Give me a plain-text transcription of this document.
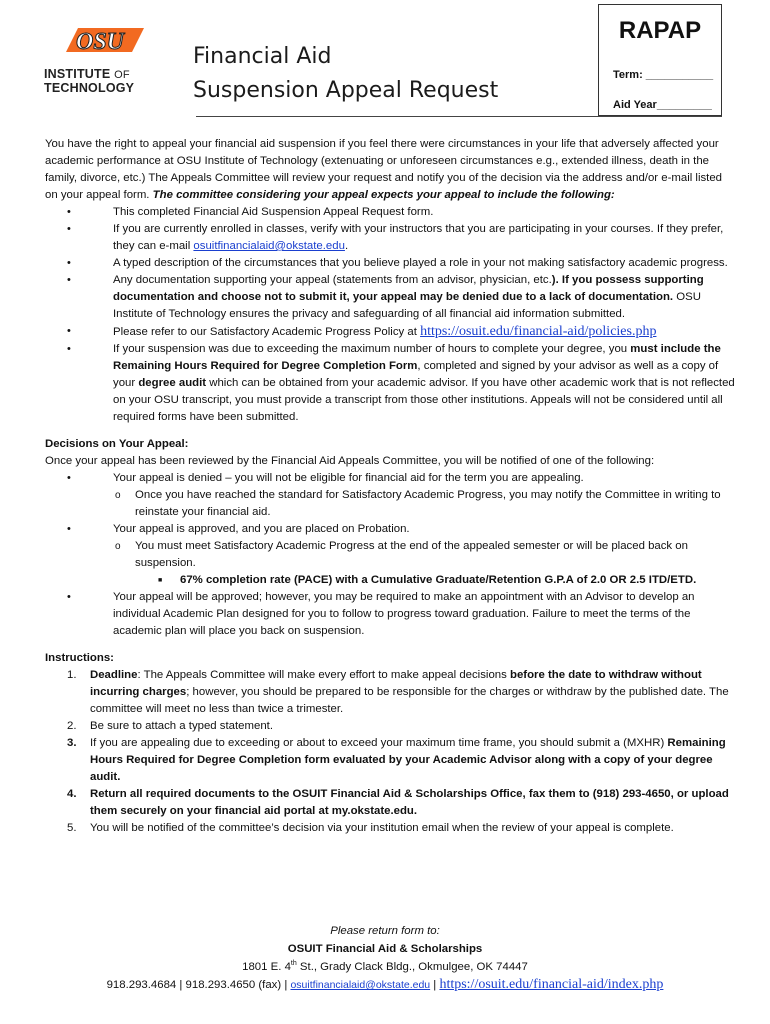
OSU
INSTITUTE OF
TECHNOLOGY
Financial Aid
Suspension Appeal Request
RAPAP
Term: ___________
Aid Year_________

You have the right to appeal your financial aid suspension if you feel there were circumstances in your life that adversely affected your academic performance at OSU Institute of Technology (extenuating or unforeseen circumstances e.g., extended illness, death in the family, divorce, etc.) The Appeals Committee will review your request and notify you of the decision via the address and/or e-mail listed on your appeal form. The committee considering your appeal expects your appeal to include the following:

• This completed Financial Aid Suspension Appeal Request form.
• If you are currently enrolled in classes, verify with your instructors that you are participating in your courses. If they prefer, they can e-mail osuitfinancialaid@okstate.edu.
• A typed description of the circumstances that you believe played a role in your not making satisfactory academic progress.
• Any documentation supporting your appeal (statements from an advisor, physician, etc.). If you possess supporting documentation and choose not to submit it, your appeal may be denied due to a lack of documentation. OSU Institute of Technology ensures the privacy and safeguarding of all financial aid information submitted.
• Please refer to our Satisfactory Academic Progress Policy at https://osuit.edu/financial-aid/policies.php
• If your suspension was due to exceeding the maximum number of hours to complete your degree, you must include the Remaining Hours Required for Degree Completion Form, completed and signed by your advisor as well as a copy of your degree audit which can be obtained from your academic advisor. If you have other academic work that is not reflected on your OSU transcript, you must provide a transcript from those other institutions. Appeals will not be considered until all required forms have been submitted.

Decisions on Your Appeal:

Once your appeal has been reviewed by the Financial Aid Appeals Committee, you will be notified of one of the following:

• Your appeal is denied – you will not be eligible for financial aid for the term you are appealing.
o Once you have reached the standard for Satisfactory Academic Progress, you may notify the Committee in writing to reinstate your financial aid.
• Your appeal is approved, and you are placed on Probation.
o You must meet Satisfactory Academic Progress at the end of the appealed semester or will be placed back on suspension.
■ 67% completion rate (PACE) with a Cumulative Graduate/Retention G.P.A of 2.0 OR 2.5 ITD/ETD.
• Your appeal will be approved; however, you may be required to make an appointment with an Advisor to develop an individual Academic Plan designed for you to follow to progress toward graduation. Failure to meet the terms of the academic plan will place you back on suspension.

Instructions:

1. Deadline: The Appeals Committee will make every effort to make appeal decisions before the date to withdraw without incurring charges; however, you should be prepared to be responsible for the charges or withdraw by the published date. The committee will meet no less than twice a trimester.
2. Be sure to attach a typed statement.
3. If you are appealing due to exceeding or about to exceed your maximum time frame, you should submit a (MXHR) Remaining Hours Required for Degree Completion form evaluated by your Academic Advisor along with a copy of your degree audit.
4. Return all required documents to the OSUIT Financial Aid & Scholarships Office, fax them to (918) 293-4650, or upload them securely on your financial aid portal at my.okstate.edu.
5. You will be notified of the committee’s decision via your institution email when the review of your appeal is complete.
Please return form to:
OSUIT Financial Aid & Scholarships
1801 E. 4th St., Grady Clack Bldg., Okmulgee, OK 74447
918.293.4684 | 918.293.4650 (fax) | osuitfinancialaid@okstate.edu | https://osuit.edu/financial-aid/index.php
